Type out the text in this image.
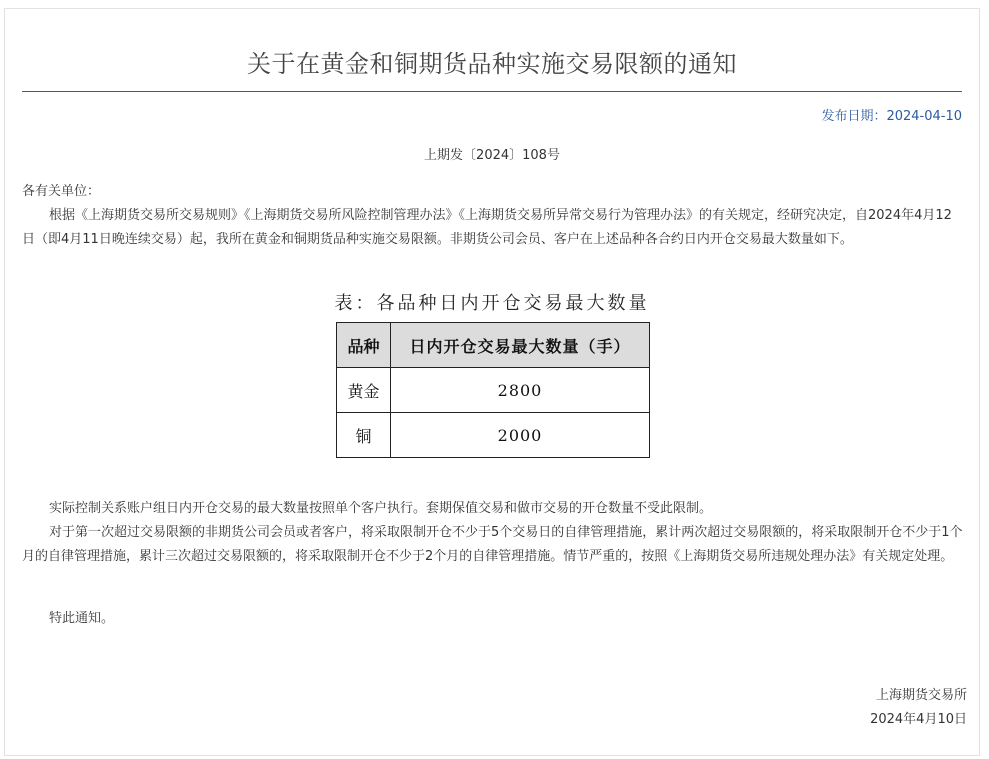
关于在黄金和铜期货品种实施交易限额的通知
发布日期：2024-04-10
上期发〔2024〕108号
各有关单位：
根据《上海期货交易所交易规则》《上海期货交易所风险控制管理办法》《上海期货交易所异常交易行为管理办法》的有关规定，经研究决定，自2024年4月12日（即4月11日晚连续交易）起，我所在黄金和铜期货品种实施交易限额。非期货公司会员、客户在上述品种各合约日内开仓交易最大数量如下。
表：各品种日内开仓交易最大数量
品种	日内开仓交易最大数量（手）
黄金	2800
铜	2000
实际控制关系账户组日内开仓交易的最大数量按照单个客户执行。套期保值交易和做市交易的开仓数量不受此限制。
对于第一次超过交易限额的非期货公司会员或者客户，将采取限制开仓不少于5个交易日的自律管理措施，累计两次超过交易限额的，将采取限制开仓不少于1个月的自律管理措施，累计三次超过交易限额的，将采取限制开仓不少于2个月的自律管理措施。情节严重的，按照《上海期货交易所违规处理办法》有关规定处理。
特此通知。
上海期货交易所
2024年4月10日
